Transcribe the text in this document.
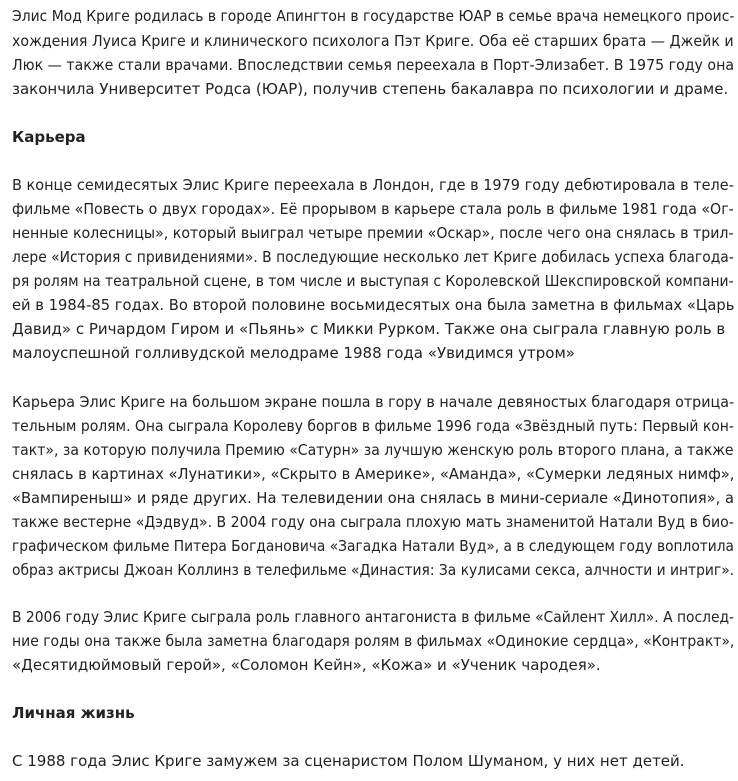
Элис Мод Криге родилась в городе Апингтон в государстве ЮАР в семье врача немецкого проис-
хождения Луиса Криге и клинического психолога Пэт Криге. Оба её старших брата — Джейк и
Люк — также стали врачами. Впоследствии семья переехала в Порт-Элизабет. В 1975 году она
закончила Университет Родса (ЮАР), получив степень бакалавра по психологии и драме.
Карьера
В конце семидесятых Элис Криге переехала в Лондон, где в 1979 году дебютировала в теле-
фильме «Повесть о двух городах». Её прорывом в карьере стала роль в фильме 1981 года «Ог-
ненные колесницы», который выиграл четыре премии «Оскар», после чего она снялась в трил-
лере «История с привидениями». В последующие несколько лет Криге добилась успеха благода-
ря ролям на театральной сцене, в том числе и выступая с Королевской Шекспировской компани-
ей в 1984-85 годах. Во второй половине восьмидесятых она была заметна в фильмах «Царь
Давид» с Ричардом Гиром и «Пьянь» с Микки Рурком. Также она сыграла главную роль в
малоуспешной голливудской мелодраме 1988 года «Увидимся утром»
Карьера Элис Криге на большом экране пошла в гору в начале девяностых благодаря отрица-
тельным ролям. Она сыграла Королеву боргов в фильме 1996 года «Звёздный путь: Первый кон-
такт», за которую получила Премию «Сатурн» за лучшую женскую роль второго плана, а также
снялась в картинах «Лунатики», «Скрыто в Америке», «Аманда», «Сумерки ледяных нимф»,
«Вампиреныш» и ряде других. На телевидении она снялась в мини-сериале «Динотопия», а
также вестерне «Дэдвуд». В 2004 году она сыграла плохую мать знаменитой Натали Вуд в био-
графическом фильме Питера Богдановича «Загадка Натали Вуд», а в следующем году воплотила
образ актрисы Джоан Коллинз в телефильме «Династия: За кулисами секса, алчности и интриг».
В 2006 году Элис Криге сыграла роль главного антагониста в фильме «Сайлент Хилл». А послед-
ние годы она также была заметна благодаря ролям в фильмах «Одинокие сердца», «Контракт»,
«Десятидюймовый герой», «Соломон Кейн», «Кожа» и «Ученик чародея».
Личная жизнь
С 1988 года Элис Криге замужем за сценаристом Полом Шуманом, у них нет детей.
